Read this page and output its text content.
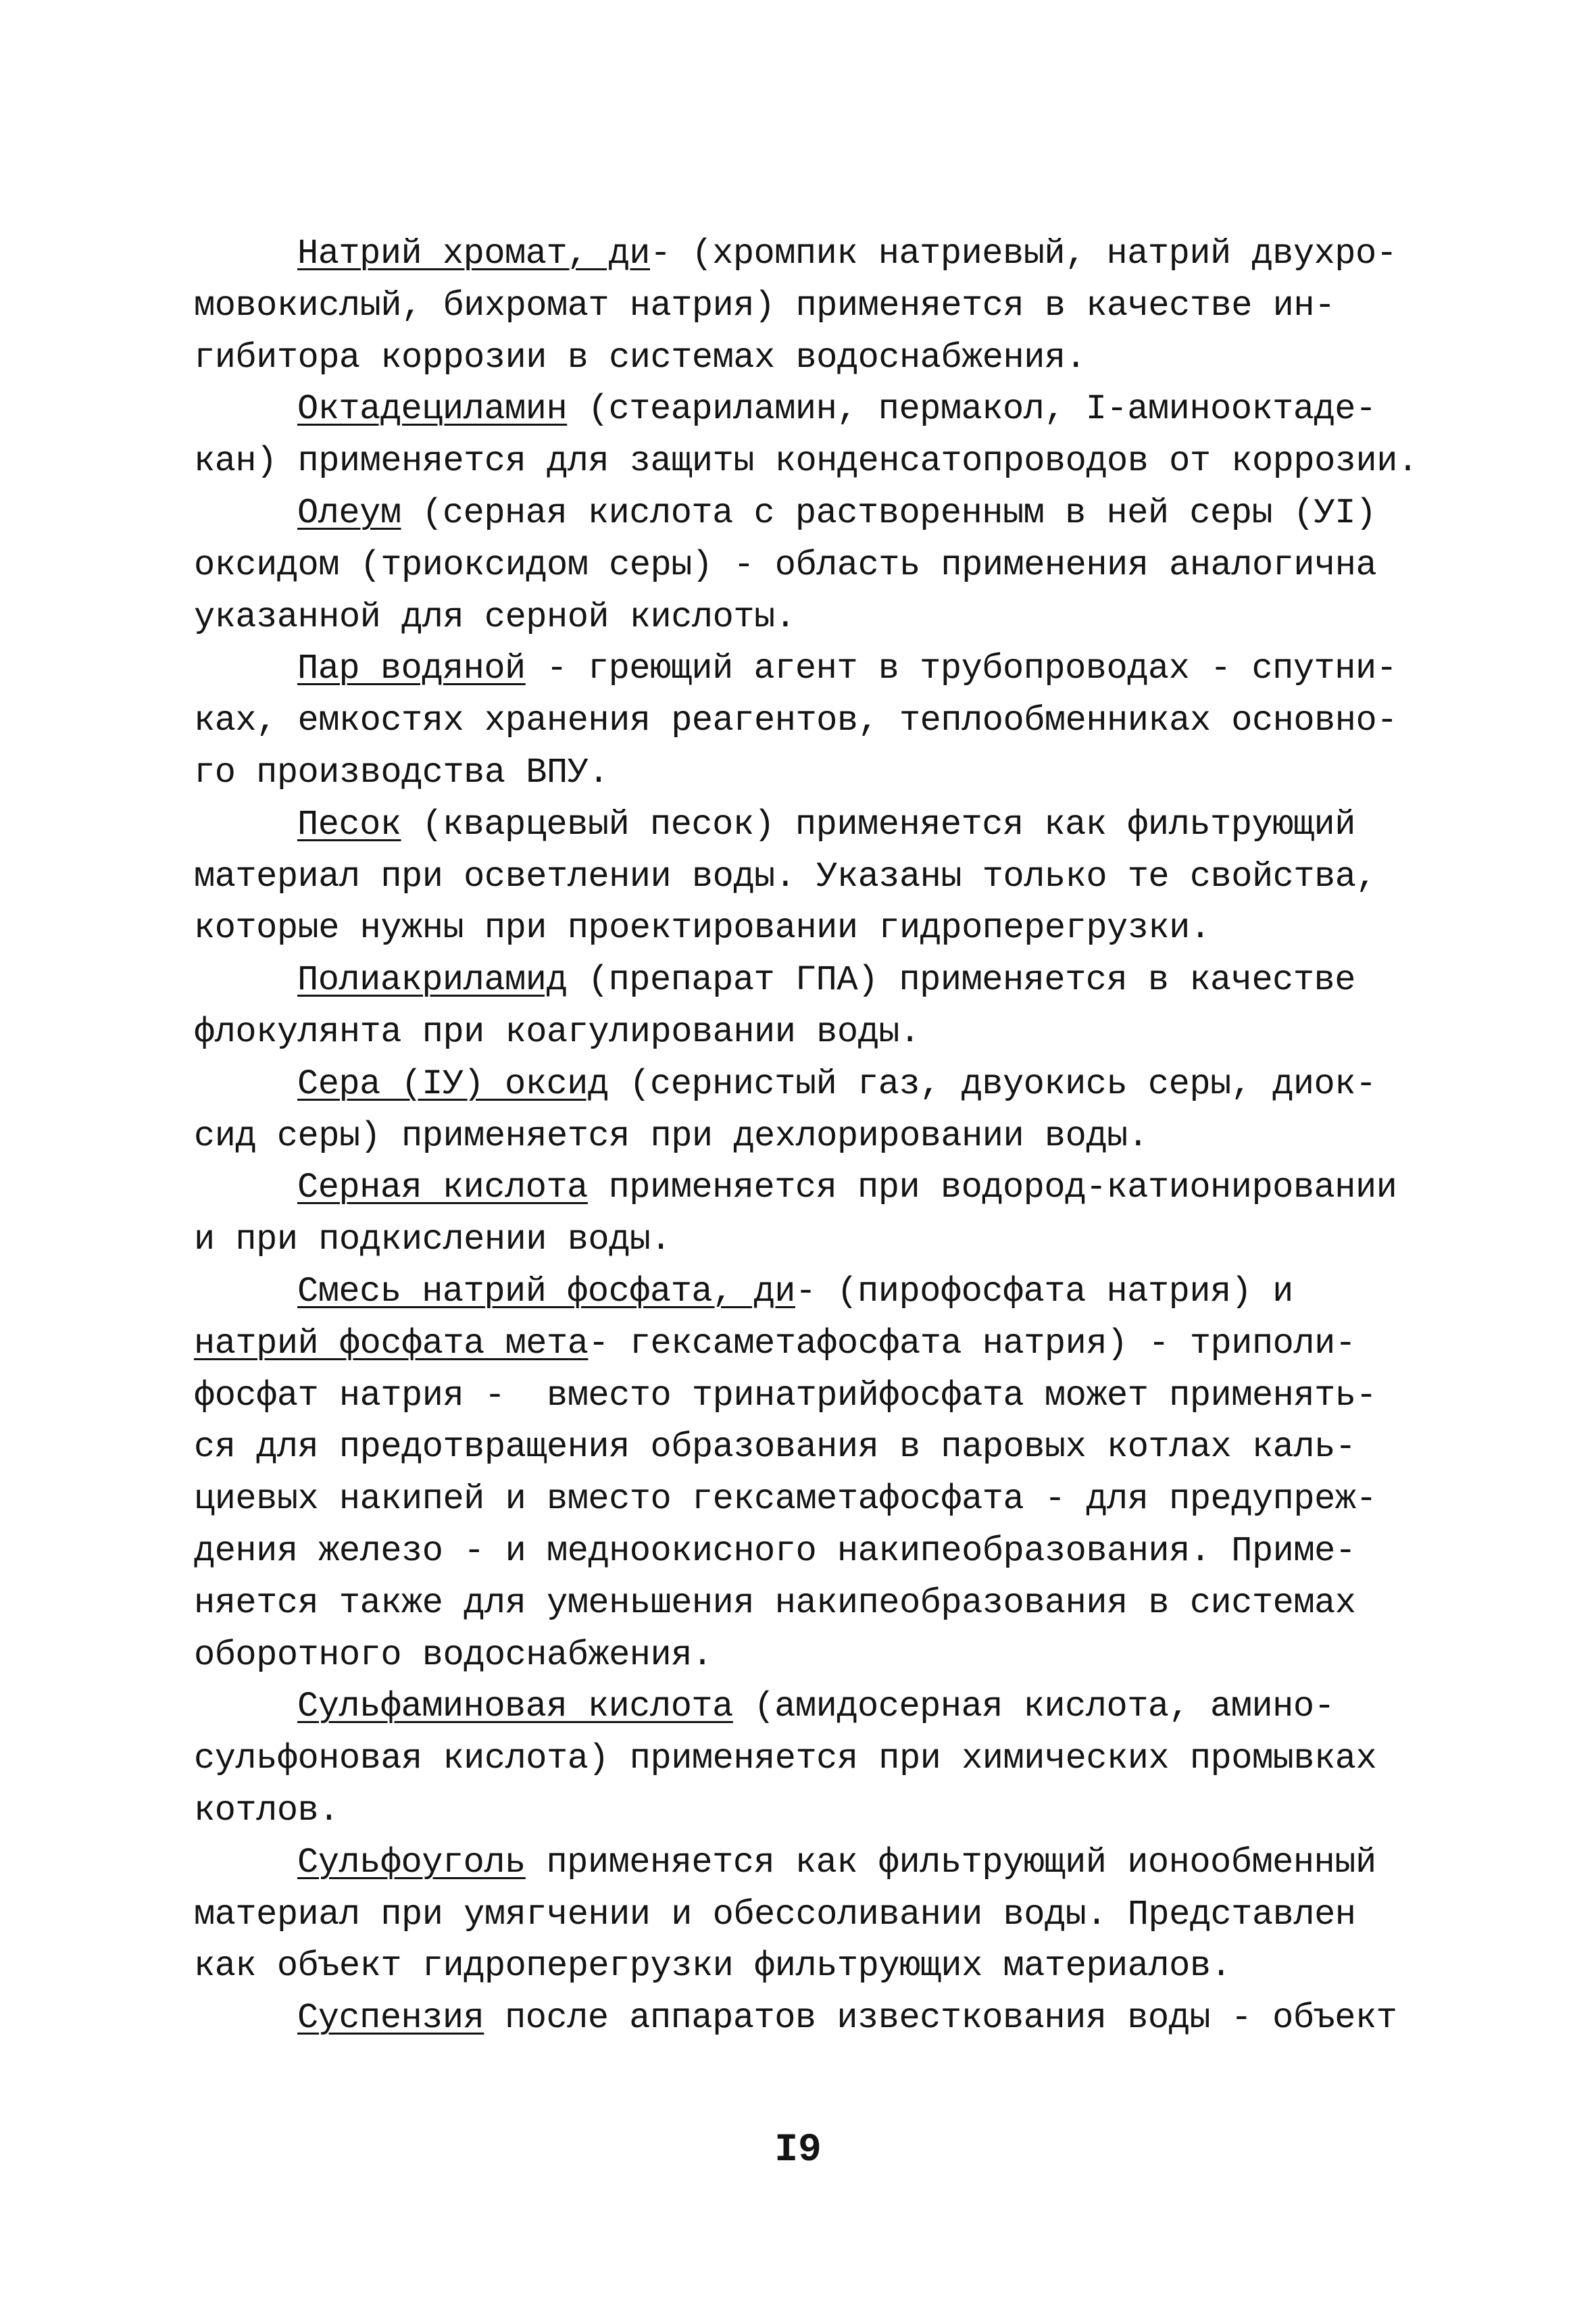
Натрий хромат, ди- (хромпик натриевый, натрий двухро-
мовокислый, бихромат натрия) применяется в качестве ин-
гибитора коррозии в системах водоснабжения.
Октадециламин (стеариламин, пермакол, I-аминооктаде-
кан) применяется для защиты конденсатопроводов от коррозии.
Олеум (серная кислота с растворенным в ней серы (УI)
оксидом (триоксидом серы) - область применения аналогична
указанной для серной кислоты.
Пар водяной - греющий агент в трубопроводах - спутни-
ках, емкостях хранения реагентов, теплообменниках основно-
го производства ВПУ.
Песок (кварцевый песок) применяется как фильтрующий
материал при осветлении воды. Указаны только те свойства,
которые нужны при проектировании гидроперегрузки.
Полиакриламид (препарат ГПА) применяется в качестве
флокулянта при коагулировании воды.
Сера (IУ) оксид (сернистый газ, двуокись серы, диок-
сид серы) применяется при дехлорировании воды.
Серная кислота применяется при водород-катионировании
и при подкислении воды.
Смесь натрий фосфата, ди- (пирофосфата натрия) и
натрий фосфата мета- гексаметафосфата натрия) - триполи-
фосфат натрия -  вместо тринатрийфосфата может применять-
ся для предотвращения образования в паровых котлах каль-
циевых накипей и вместо гексаметафосфата - для предупреж-
дения железо - и медноокисного накипеобразования. Приме-
няется также для уменьшения накипеобразования в системах
оборотного водоснабжения.
Сульфаминовая кислота (амидосерная кислота, амино-
сульфоновая кислота) применяется при химических промывках
котлов.
Сульфоуголь применяется как фильтрующий ионообменный
материал при умягчении и обессоливании воды. Представлен
как объект гидроперегрузки фильтрующих материалов.
Суспензия после аппаратов известкования воды - объект
I9
